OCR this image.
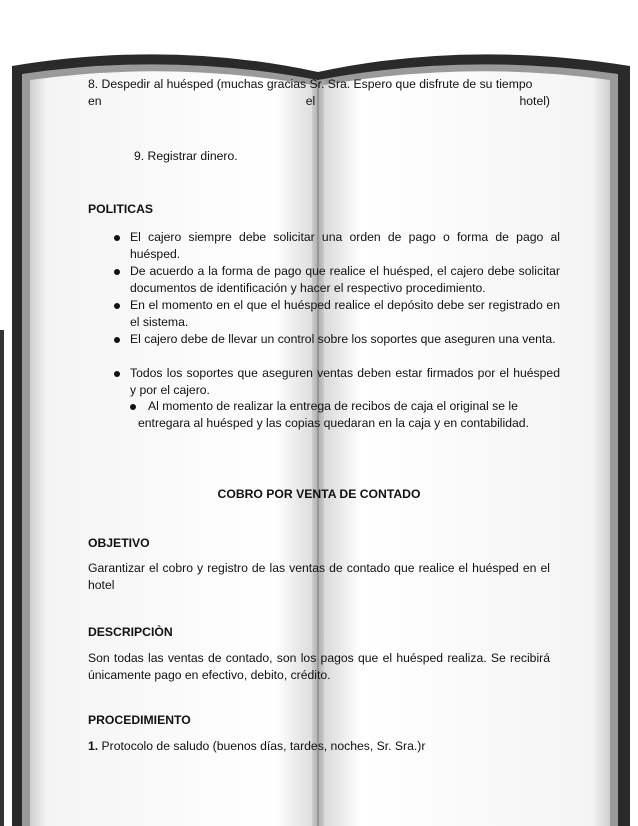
8. Despedir al huésped (muchas gracias Sr. Sra. Espero que disfrute de su tiempo
en	el	hotel)
9. Registrar dinero.
POLITICAS

El cajero siempre debe solicitar una orden de pago o forma de pago al huésped.

De acuerdo a la forma de pago que realice el huésped, el cajero debe solicitar documentos de identificación y hacer el respectivo procedimiento.

En el momento en el que el huésped realice el depósito debe ser registrado en el sistema.

El cajero debe de llevar un control sobre los soportes que aseguren una venta.

Todos los soportes que aseguren ventas deben estar firmados por el huésped y por el cajero.

Al momento de realizar la entrega de recibos de caja el original se le entregara al huésped y las copias quedaran en la caja y en contabilidad.

COBRO POR VENTA DE CONTADO
OBJETIVO

Garantizar el cobro y registro de las ventas de contado que realice el huésped en el hotel

DESCRIPCIÒN

Son todas las ventas de contado, son los pagos que el huésped realiza. Se recibirá únicamente pago en efectivo, debito, crédito.

PROCEDIMIENTO
1. Protocolo de saludo (buenos días, tardes, noches, Sr. Sra.)r
